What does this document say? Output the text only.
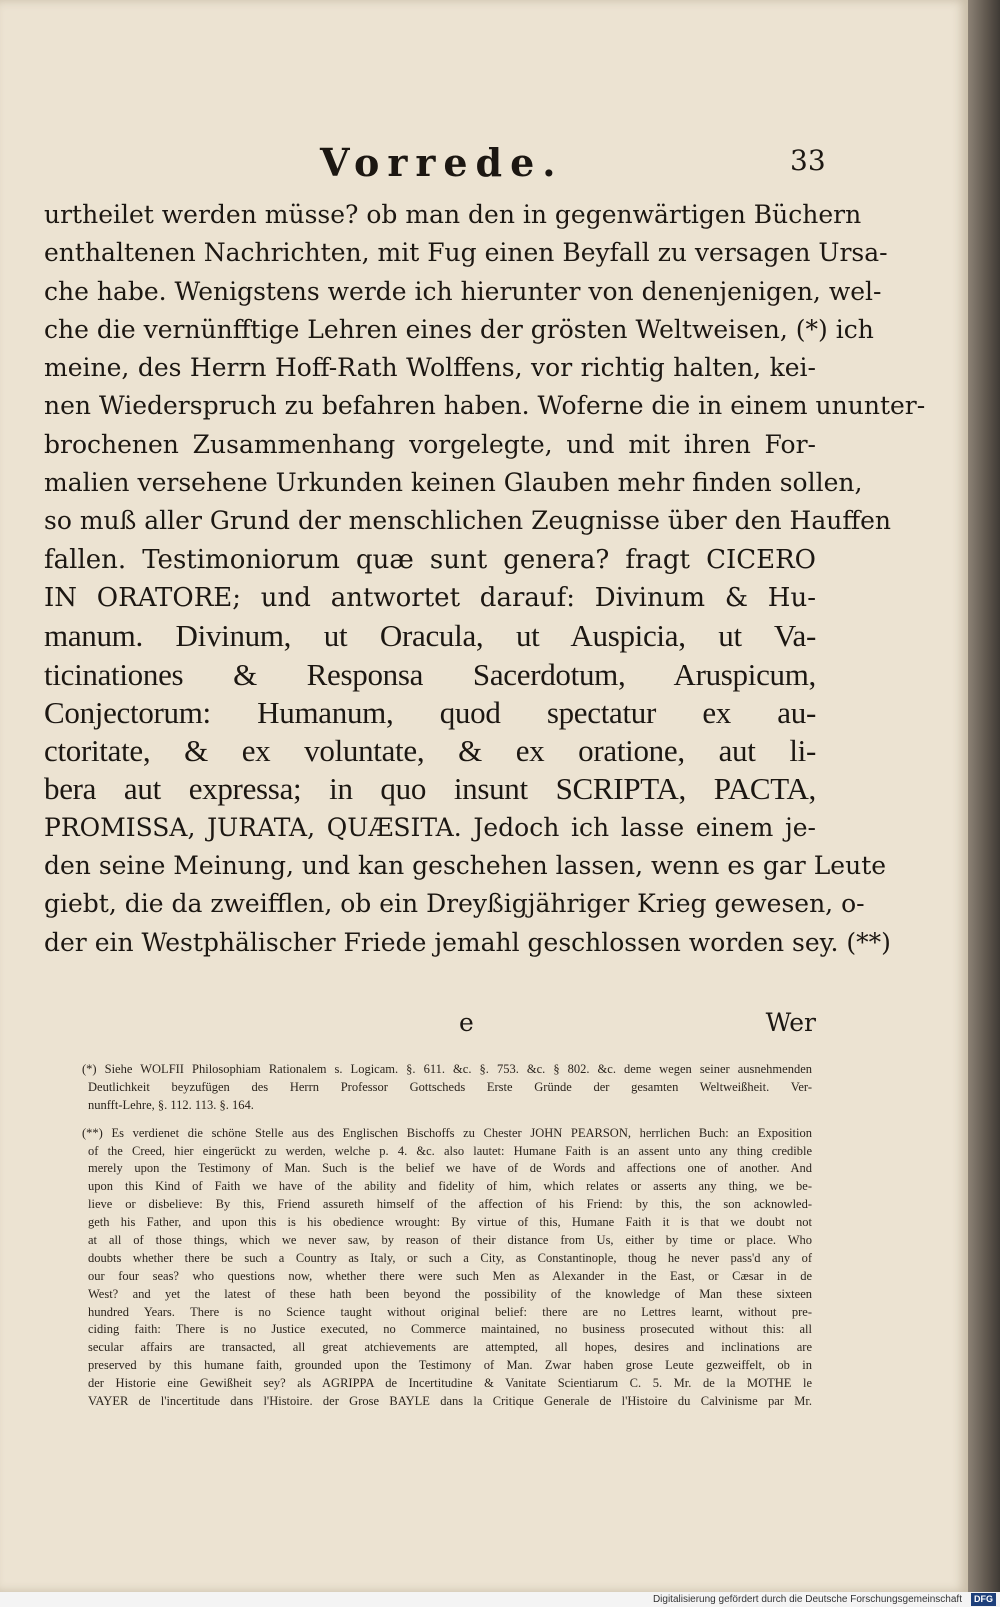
Vorrede.	33
urtheilet werden müsse? ob man den in gegenwärtigen Büchern
enthaltenen Nachrichten, mit Fug einen Beyfall zu versagen Ursa-
che habe. Wenigstens werde ich hierunter von denenjenigen, wel-
che die vernünfftige Lehren eines der grösten Weltweisen, (*) ich
meine, des Herrn Hoff-Rath Wolffens, vor richtig halten, kei-
nen Wiederspruch zu befahren haben. Woferne die in einem ununter-
brochenen Zusammenhang vorgelegte, und mit ihren For-
malien versehene Urkunden keinen Glauben mehr finden sollen,
so muß aller Grund der menschlichen Zeugnisse über den Hauffen
fallen. Testimoniorum quæ sunt genera? fragt CICERO
IN ORATORE; und antwortet darauf: Divinum & Hu-
manum. Divinum, ut Oracula, ut Auspicia, ut Va-
ticinationes & Responsa Sacerdotum, Aruspicum,
Conjectorum: Humanum, quod spectatur ex au-
ctoritate, & ex voluntate, & ex oratione, aut li-
bera aut expressa; in quo insunt SCRIPTA, PACTA,
PROMISSA, JURATA, QUÆSITA. Jedoch ich lasse einem je-
den seine Meinung, und kan geschehen lassen, wenn es gar Leute
giebt, die da zweifflen, ob ein Dreyßigjähriger Krieg gewesen, o-
der ein Westphälischer Friede jemahl geschlossen worden sey. (**)
e	Wer
(*) Siehe WOLFII Philosophiam Rationalem s. Logicam. §. 611. &c. §. 753. &c. § 802. &c. deme wegen seiner ausnehmenden
Deutlichkeit beyzufügen des Herrn Professor Gottscheds Erste Gründe der gesamten Weltweißheit. Ver-
nunfft-Lehre, §. 112. 113. §. 164.
(**) Es verdienet die schöne Stelle aus des Englischen Bischoffs zu Chester JOHN PEARSON, herrlichen Buch: an Exposition
of the Creed, hier eingerückt zu werden, welche p. 4. &c. also lautet: Humane Faith is an assent unto any thing credible
merely upon the Testimony of Man. Such is the belief we have of de Words and affections one of another. And
upon this Kind of Faith we have of the ability and fidelity of him, which relates or asserts any thing, we be-
lieve or disbelieve: By this, Friend assureth himself of the affection of his Friend: by this, the son acknowled-
geth his Father, and upon this is his obedience wrought: By virtue of this, Humane Faith it is that we doubt not
at all of those things, which we never saw, by reason of their distance from Us, either by time or place. Who
doubts whether there be such a Country as Italy, or such a City, as Constantinople, thoug he never pass'd any of
our four seas? who questions now, whether there were such Men as Alexander in the East, or Cæsar in de
West? and yet the latest of these hath been beyond the possibility of the knowledge of Man these sixteen
hundred Years. There is no Science taught without original belief: there are no Lettres learnt, without pre-
ciding faith: There is no Justice executed, no Commerce maintained, no business prosecuted without this: all
secular affairs are transacted, all great atchievements are attempted, all hopes, desires and inclinations are
preserved by this humane faith, grounded upon the Testimony of Man. Zwar haben grose Leute gezweiffelt, ob in
der Historie eine Gewißheit sey? als AGRIPPA de Incertitudine & Vanitate Scientiarum C. 5. Mr. de la MOTHE le
VAYER de l'incertitude dans l'Histoire. der Grose BAYLE dans la Critique Generale de l'Histoire du Calvinisme par Mr.
Digitalisierung gefördert durch die Deutsche Forschungsgemeinschaft	DFG
